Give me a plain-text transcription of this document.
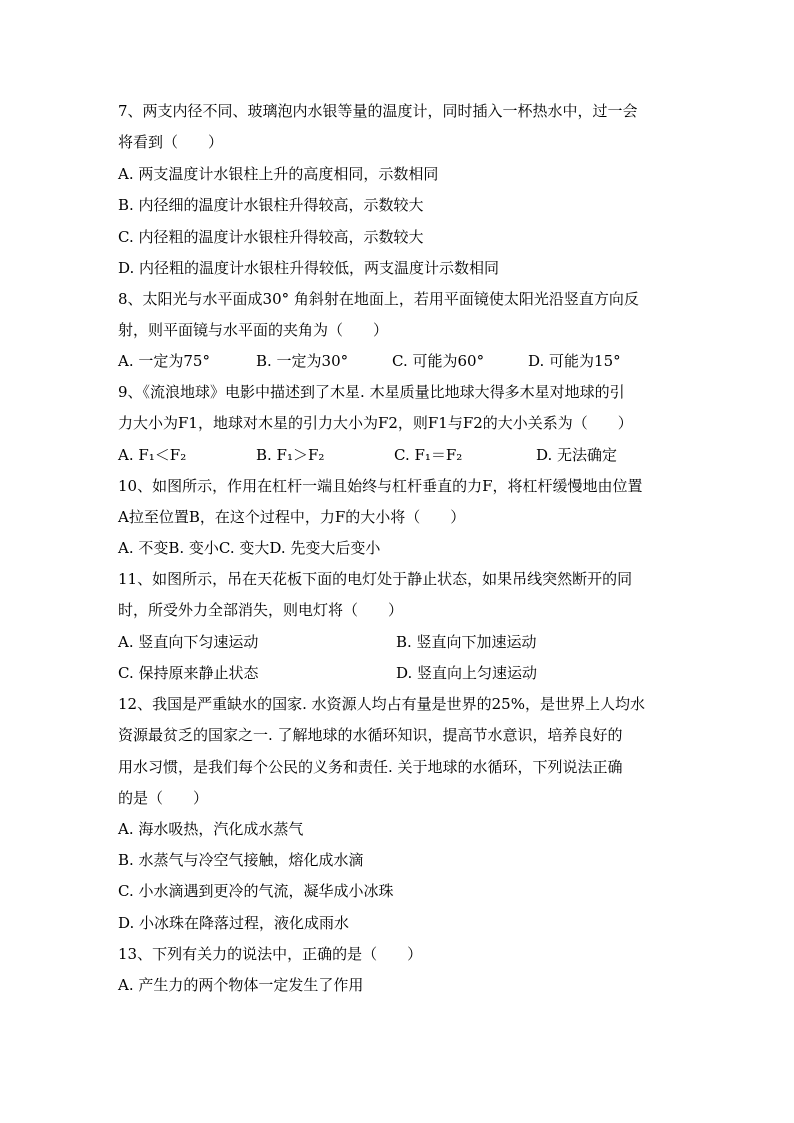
7、两支内径不同、玻璃泡内水银等量的温度计，同时插入一杯热水中，过一会
将看到（　　）
A. 两支温度计水银柱上升的高度相同，示数相同
B. 内径细的温度计水银柱升得较高，示数较大
C. 内径粗的温度计水银柱升得较高，示数较大
D. 内径粗的温度计水银柱升得较低，两支温度计示数相同
8、太阳光与水平面成30° 角斜射在地面上，若用平面镜使太阳光沿竖直方向反
射，则平面镜与水平面的夹角为（　　）
A. 一定为75°	B. 一定为30°	C. 可能为60°	D. 可能为15°
9、《流浪地球》电影中描述到了木星. 木星质量比地球大得多木星对地球的引
力大小为F1，地球对木星的引力大小为F2，则F1与F2的大小关系为（　　）
A. F₁＜F₂	B. F₁＞F₂	C. F₁＝F₂	D. 无法确定
10、如图所示，作用在杠杆一端且始终与杠杆垂直的力F，将杠杆缓慢地由位置
A拉至位置B，在这个过程中，力F的大小将（　　）
A. 不变B. 变小C. 变大D. 先变大后变小
11、如图所示，吊在天花板下面的电灯处于静止状态，如果吊线突然断开的同
时，所受外力全部消失，则电灯将（　　）
A. 竖直向下匀速运动	B. 竖直向下加速运动
C. 保持原来静止状态	D. 竖直向上匀速运动
12、我国是严重缺水的国家. 水资源人均占有量是世界的25%，是世界上人均水
资源最贫乏的国家之一. 了解地球的水循环知识，提高节水意识，培养良好的
用水习惯，是我们每个公民的义务和责任. 关于地球的水循环，下列说法正确
的是（　　）
A. 海水吸热，汽化成水蒸气
B. 水蒸气与冷空气接触，熔化成水滴
C. 小水滴遇到更冷的气流，凝华成小冰珠
D. 小冰珠在降落过程，液化成雨水
13、下列有关力的说法中，正确的是（　　）
A. 产生力的两个物体一定发生了作用
